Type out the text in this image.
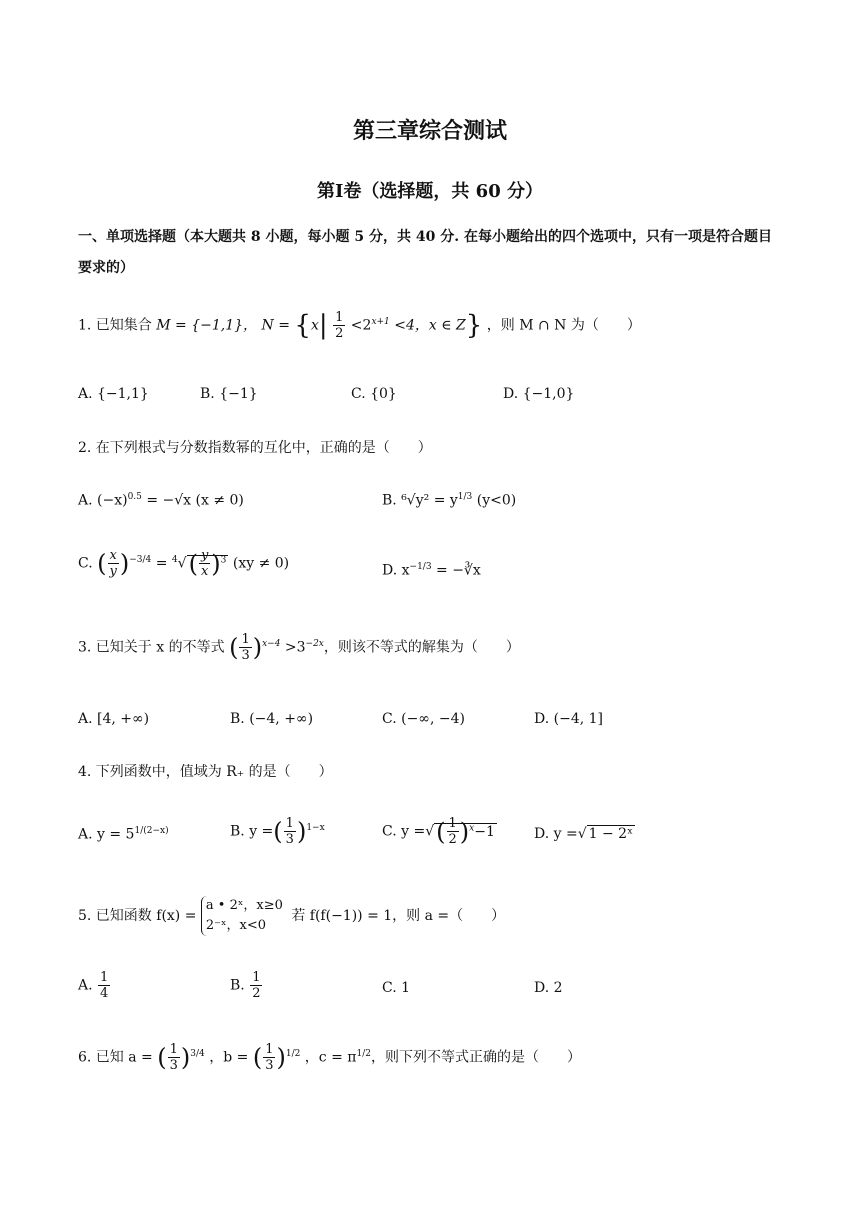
第三章综合测试
第Ⅰ卷（选择题，共 60 分）
一、单项选择题（本大题共 8 小题，每小题 5 分，共 40 分. 在每小题给出的四个选项中，只有一项是符合题目要求的）
1. 已知集合 M = {−1,1}， $N = \{x| \frac{1}{2} <2^{x+1} <4$，x ∈ Z} ，则 M ∩ N 为（　　）
A. {−1,1}	B. {−1}	C. {0}	D. {−1,0}
2. 在下列根式与分数指数幂的互化中，正确的是（　　）
A. $(-x)^{0.5} = -√x$ (x ≠ 0)	B. $^6√y^2 = y^{1/3}$ (y<0)
C. ( $\frac{x}{y} )^{-3/4} = ^4√( \frac{y}{x} )^3$ (xy ≠ 0)	D. $x^{-1/3}$ = −∛x
3. 已知关于 x 的不等式 ( $\frac{1}{3} )^{x-4} >3^{-2x}$，则该不等式的解集为（　　）
A. [4, +∞)	B. (−4, +∞)	C. (−∞, −4)	D. (−4, 1]
4. 下列函数中，值域为 R₊ 的是（　　）
A. $y = 5^{1/(2-x)}$	B. y =( $\frac{1}{3} )^{1-x}$	C. y =√( $\frac{1}{2} )^x-1$	D. y =√ 1 − 2ˣ
5. 已知函数 f(x) =
a • 2ˣ，x≥0
2⁻ˣ，x<0
若 f(f(−1)) = 1，则 a =（　　）
A. $\frac{1}{4}$	B. $\frac{1}{2}$	C. 1	D. 2
6. 已知 a = ( $\frac{1}{3} )^{3/4}$ ，b = ( $\frac{1}{3} )^{1/2}$ ，$c = \pi^{1/2}$，则下列不等式正确的是（　　）
